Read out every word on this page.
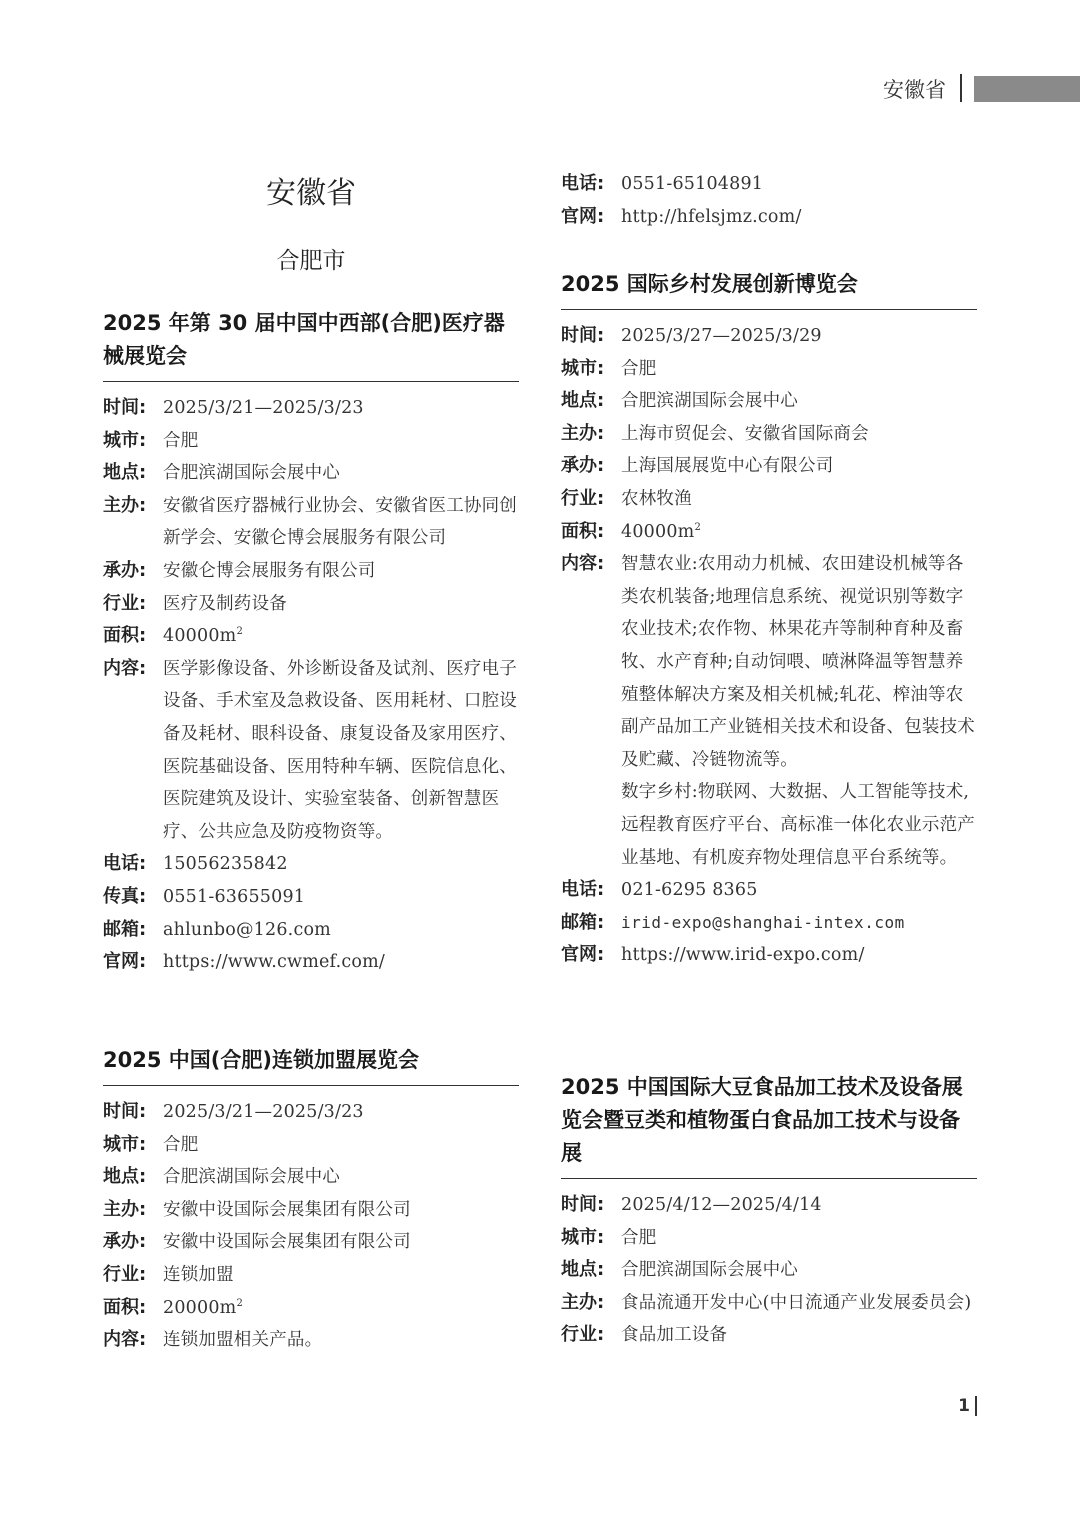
安徽省
安徽省
合肥市
2025 年第 30 届中国中西部(合肥)医疗器械展览会
时间: 2025/3/21—2025/3/23
城市: 合肥
地点: 合肥滨湖国际会展中心
主办: 安徽省医疗器械行业协会、安徽省医工协同创新学会、安徽仑博会展服务有限公司
承办: 安徽仑博会展服务有限公司
行业: 医疗及制药设备
面积: $40000m^2$
内容: 医学影像设备、外诊断设备及试剂、医疗电子设备、手术室及急救设备、医用耗材、口腔设备及耗材、眼科设备、康复设备及家用医疗、医院基础设备、医用特种车辆、医院信息化、医院建筑及设计、实验室装备、创新智慧医疗、公共应急及防疫物资等。
电话: 15056235842
传真: 0551-63655091
邮箱: ahlunbo@126.com
官网: https://www.cwmef.com/
2025 中国(合肥)连锁加盟展览会
时间: 2025/3/21—2025/3/23
城市: 合肥
地点: 合肥滨湖国际会展中心
主办: 安徽中设国际会展集团有限公司
承办: 安徽中设国际会展集团有限公司
行业: 连锁加盟
面积: $20000m^2$
内容: 连锁加盟相关产品。
电话: 0551-65104891
官网: http://hfelsjmz.com/
2025 国际乡村发展创新博览会
时间: 2025/3/27—2025/3/29
城市: 合肥
地点: 合肥滨湖国际会展中心
主办: 上海市贸促会、安徽省国际商会
承办: 上海国展展览中心有限公司
行业: 农林牧渔
面积: $40000m^2$
内容: 智慧农业:农用动力机械、农田建设机械等各类农机装备;地理信息系统、视觉识别等数字农业技术;农作物、林果花卉等制种育种及畜牧、水产育种;自动饲喂、喷淋降温等智慧养殖整体解决方案及相关机械;轧花、榨油等农副产品加工产业链相关技术和设备、包装技术及贮藏、冷链物流等。
数字乡村:物联网、大数据、人工智能等技术,远程教育医疗平台、高标准一体化农业示范产业基地、有机废弃物处理信息平台系统等。
电话: 021-6295 8365
邮箱:	irid-expo@shanghai-intex.com
官网: https://www.irid-expo.com/
2025 中国国际大豆食品加工技术及设备展览会暨豆类和植物蛋白食品加工技术与设备展
时间: 2025/4/12—2025/4/14
城市: 合肥
地点: 合肥滨湖国际会展中心
主办: 食品流通开发中心(中日流通产业发展委员会)
行业: 食品加工设备
1
